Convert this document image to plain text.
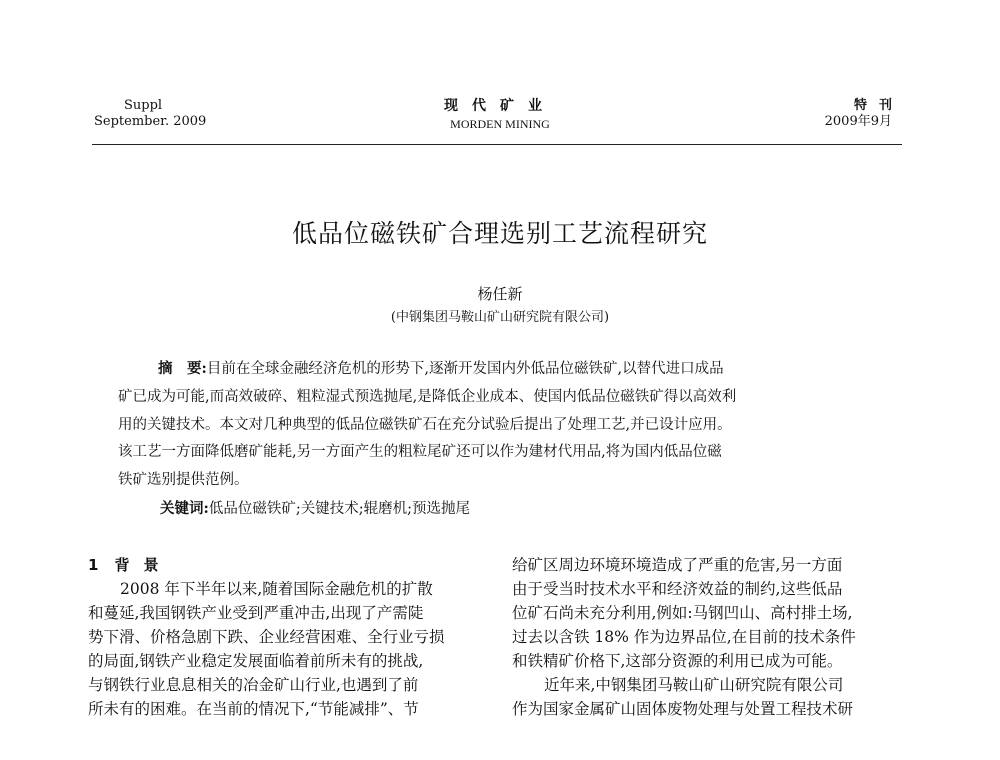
Suppl
September. 2009
现代矿业
MORDEN MINING
特刊
2009年9月
低品位磁铁矿合理选别工艺流程研究
杨任新
(中钢集团马鞍山矿山研究院有限公司)
摘　要:目前在全球金融经济危机的形势下,逐渐开发国内外低品位磁铁矿,以替代进口成品
矿已成为可能,而高效破碎、粗粒湿式预选抛尾,是降低企业成本、使国内低品位磁铁矿得以高效利
用的关键技术。本文对几种典型的低品位磁铁矿石在充分试验后提出了处理工艺,并已设计应用。
该工艺一方面降低磨矿能耗,另一方面产生的粗粒尾矿还可以作为建材代用品,将为国内低品位磁
铁矿选别提供范例。
关键词:低品位磁铁矿;关键技术;辊磨机;预选抛尾
1 背景
2008 年下半年以来,随着国际金融危机的扩散
和蔓延,我国钢铁产业受到严重冲击,出现了产需陡
势下滑、价格急剧下跌、企业经营困难、全行业亏损
的局面,钢铁产业稳定发展面临着前所未有的挑战,
与钢铁行业息息相关的冶金矿山行业,也遇到了前
所未有的困难。在当前的情况下,“节能减排”、节
给矿区周边环境环境造成了严重的危害,另一方面
由于受当时技术水平和经济效益的制约,这些低品
位矿石尚未充分利用,例如:马钢凹山、高村排土场,
过去以含铁 18% 作为边界品位,在目前的技术条件
和铁精矿价格下,这部分资源的利用已成为可能。
近年来,中钢集团马鞍山矿山研究院有限公司
作为国家金属矿山固体废物处理与处置工程技术研
